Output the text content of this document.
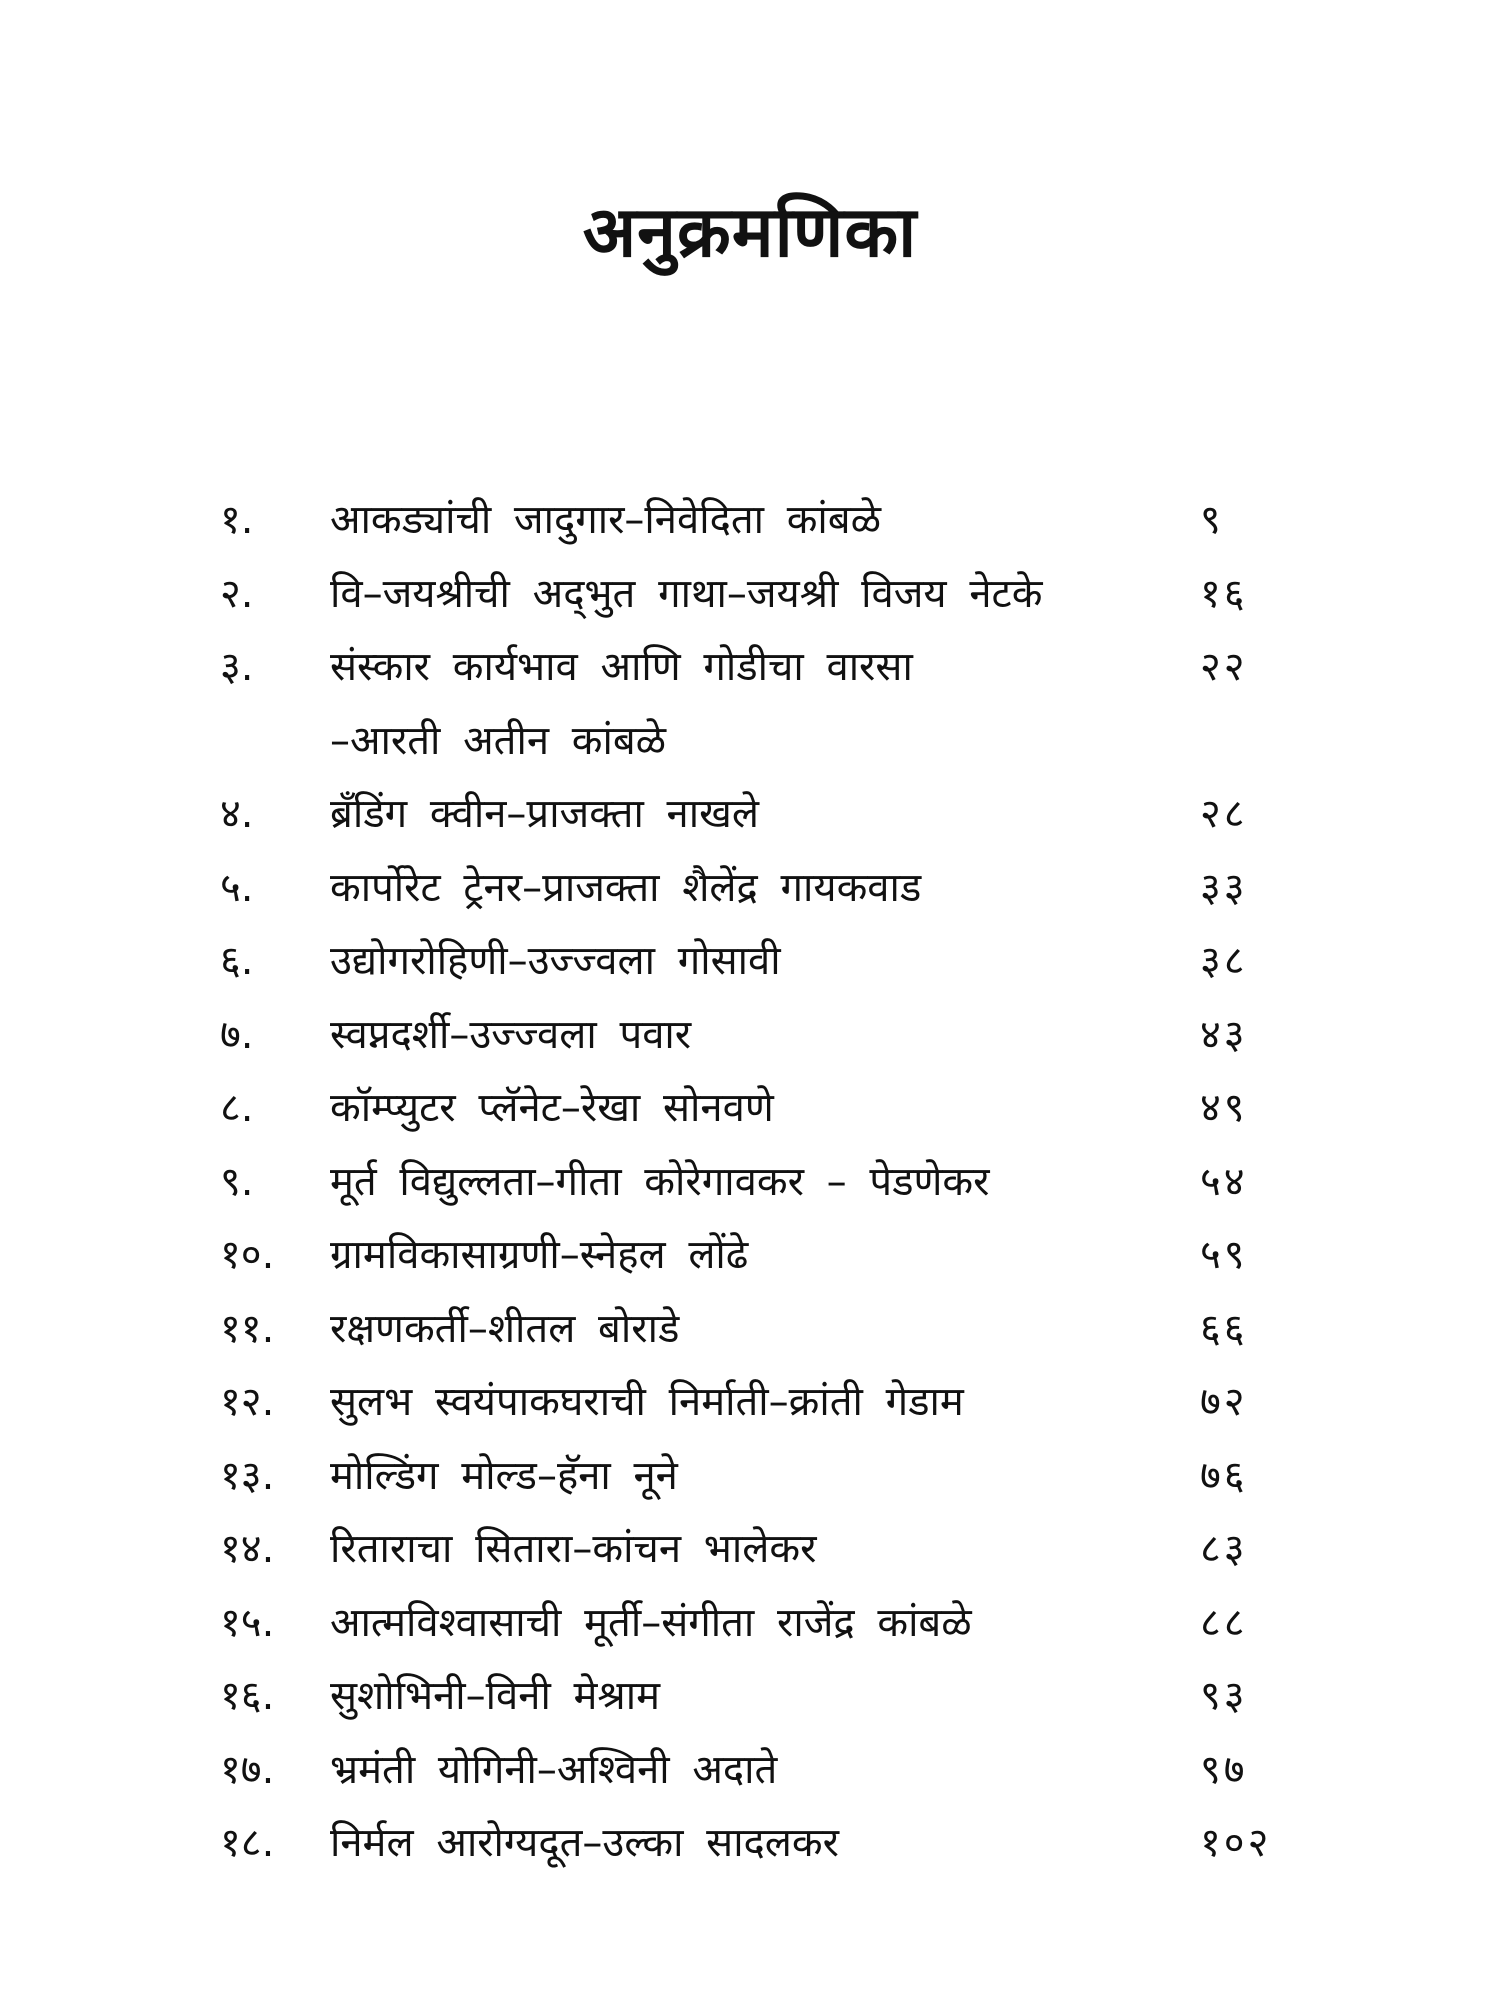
अनुक्रमणिका
१. आकड्यांची जादुगार–निवेदिता कांबळे	९
२. वि–जयश्रीची अद्‌भुत गाथा–जयश्री विजय नेटके	१६
३. संस्कार कार्यभाव आणि गोडीचा वारसा	२२
–आरती अतीन कांबळे
४. ब्रँडिंग क्वीन–प्राजक्ता नाखले	२८
५. कार्पोरेट ट्रेनर–प्राजक्ता शैलेंद्र गायकवाड	३३
६. उद्योगरोहिणी–उज्ज्वला गोसावी	३८
७. स्वप्नदर्शी–उज्ज्वला पवार	४३
८. कॉम्प्युटर प्लॅनेट–रेखा सोनवणे	४९
९. मूर्त विद्युल्लता–गीता कोरेगावकर – पेडणेकर	५४
१०. ग्रामविकासाग्रणी–स्नेहल लोंढे	५९
११. रक्षणकर्ती–शीतल बोराडे	६६
१२. सुलभ स्वयंपाकघराची निर्माती–क्रांती गेडाम	७२
१३. मोल्डिंग मोल्ड–हॅना नूने	७६
१४. रिताराचा सितारा–कांचन भालेकर	८३
१५. आत्मविश्वासाची मूर्ती–संगीता राजेंद्र कांबळे	८८
१६. सुशोभिनी–विनी मेश्राम	९३
१७. भ्रमंती योगिनी–अश्विनी अदाते	९७
१८. निर्मल आरोग्यदूत–उल्का सादलकर	१०२
